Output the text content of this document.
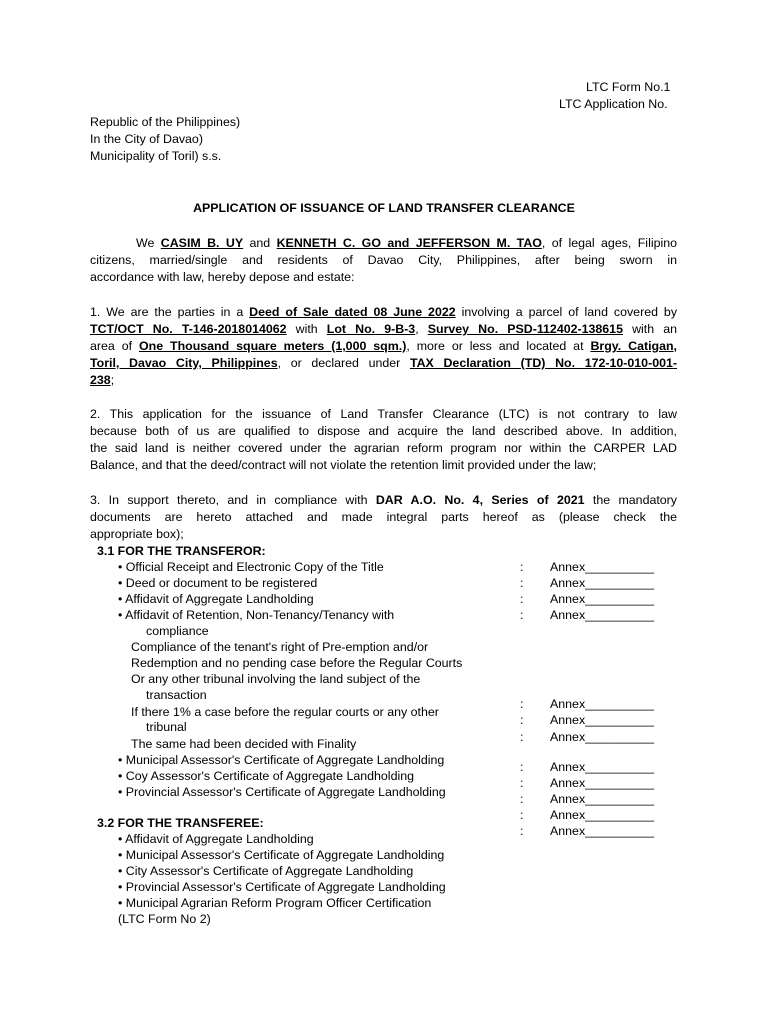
LTC Form No.1
LTC Application No.
Republic of the Philippines)
In the City of Davao)
Municipality of Toril) s.s.
APPLICATION OF ISSUANCE OF LAND TRANSFER CLEARANCE
We CASIM B. UY and KENNETH C. GO and JEFFERSON M. TAO, of legal ages, Filipino
citizens, married/single and residents of Davao City, Philippines, after being sworn in
accordance with law, hereby depose and estate:
1. We are the parties in a Deed of Sale dated 08 June 2022 involving a parcel of land covered by
TCT/OCT No. T-146-2018014062 with Lot No. 9-B-3, Survey No. PSD-112402-138615 with an
area of One Thousand square meters (1,000 sqm.), more or less and located at Brgy. Catigan,
Toril, Davao City, Philippines, or declared under TAX Declaration (TD) No. 172-10-010-001-
238;
2. This application for the issuance of Land Transfer Clearance (LTC) is not contrary to law
because both of us are qualified to dispose and acquire the land described above. In addition,
the said land is neither covered under the agrarian reform program nor within the CARPER LAD
Balance, and that the deed/contract will not violate the retention limit provided under the law;
3. In support thereto, and in compliance with DAR A.O. No. 4, Series of 2021 the mandatory
documents are hereto attached and made integral parts hereof as (please check the
appropriate box);
3.1 FOR THE TRANSFEROR:
• Official Receipt and Electronic Copy of the Title
• Deed or document to be registered
• Affidavit of Aggregate Landholding
• Affidavit of Retention, Non-Tenancy/Tenancy with
compliance
Compliance of the tenant's right of Pre-emption and/or
Redemption and no pending case before the Regular Courts
Or any other tribunal involving the land subject of the
transaction
If there 1% a case before the regular courts or any other
tribunal
The same had been decided with Finality
• Municipal Assessor's Certificate of Aggregate Landholding
• Coy Assessor's Certificate of Aggregate Landholding
• Provincial Assessor's Certificate of Aggregate Landholding
3.2 FOR THE TRANSFEREE:
• Affidavit of Aggregate Landholding
• Municipal Assessor's Certificate of Aggregate Landholding
• City Assessor's Certificate of Aggregate Landholding
• Provincial Assessor's Certificate of Aggregate Landholding
• Municipal Agrarian Reform Program Officer Certification
(LTC Form No 2)
: Annex__________
: Annex__________
: Annex__________
: Annex__________
: Annex__________
: Annex__________
: Annex__________
: Annex__________
: Annex__________
: Annex__________
: Annex__________
: Annex__________
